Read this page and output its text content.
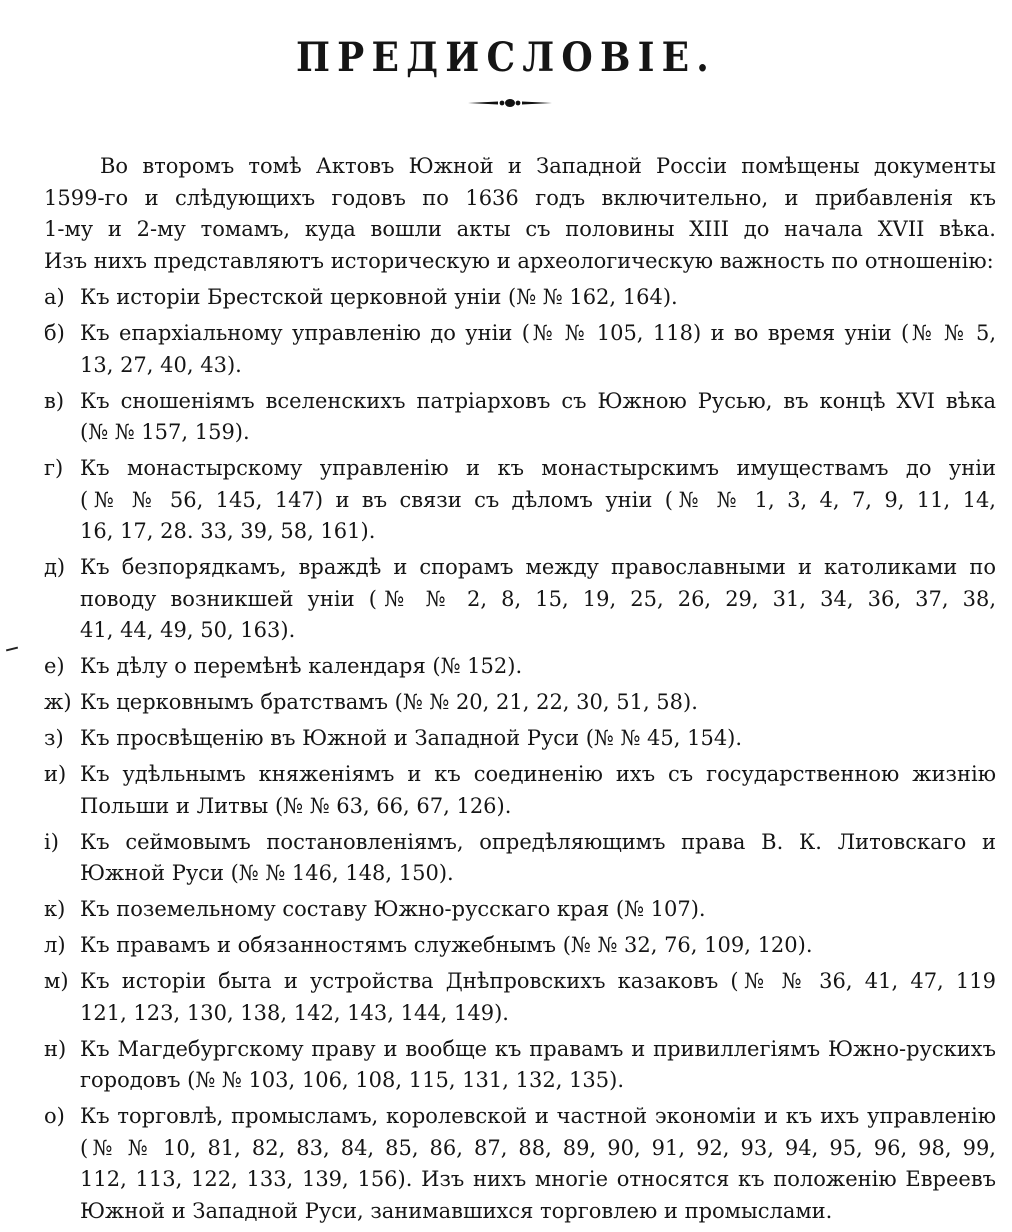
ПРЕДИСЛОВІЕ.
Во второмъ томѣ Актовъ Южной и Западной Россіи помѣщены документы
1599-го и слѣдующихъ годовъ по 1636 годъ включительно, и прибавленія къ
1-му и 2-му томамъ, куда вошли акты съ половины XIII до начала XVII вѣка.
Изъ нихъ представляютъ историческую и археологическую важность по отношенію:
а) Къ исторіи Брестской церковной уніи (№ № 162, 164).
б) Къ епархіальному управленію до уніи (№ № 105, 118) и во время уніи (№ № 5,
13, 27, 40, 43).
в) Къ сношеніямъ вселенскихъ патріарховъ съ Южною Русью, въ концѣ XVI вѣка
(№ № 157, 159).
г) Къ монастырскому управленію и къ монастырскимъ имуществамъ до уніи
(№ № 56, 145, 147) и въ связи съ дѣломъ уніи (№ № 1, 3, 4, 7, 9, 11, 14,
16, 17, 28. 33, 39, 58, 161).
д) Къ безпорядкамъ, враждѣ и спорамъ между православными и католиками по
поводу возникшей уніи (№ № 2, 8, 15, 19, 25, 26, 29, 31, 34, 36, 37, 38,
41, 44, 49, 50, 163).
е) Къ дѣлу о перемѣнѣ календаря (№ 152).
ж) Къ церковнымъ братствамъ (№ № 20, 21, 22, 30, 51, 58).
з) Къ просвѣщенію въ Южной и Западной Руси (№ № 45, 154).
и) Къ удѣльнымъ княженіямъ и къ соединенію ихъ съ государственною жизнію
Польши и Литвы (№ № 63, 66, 67, 126).
і)	Къ сеймовымъ постановленіямъ, опредѣляющимъ права В. К. Литовскаго и
Южной Руси (№ № 146, 148, 150).
к) Къ поземельному составу Южно-русскаго края (№ 107).
л) Къ правамъ и обязанностямъ служебнымъ (№ № 32, 76, 109, 120).
м) Къ исторіи быта и устройства Днѣпровскихъ казаковъ (№ № 36, 41, 47, 119
121, 123, 130, 138, 142, 143, 144, 149).
н) Къ Магдебургскому праву и вообще къ правамъ и привиллегіямъ Южно-рускихъ
городовъ (№ № 103, 106, 108, 115, 131, 132, 135).
о) Къ торговлѣ, промысламъ, королевской и частной экономіи и къ ихъ управленію
(№ № 10, 81, 82, 83, 84, 85, 86, 87, 88, 89, 90, 91, 92, 93, 94, 95, 96, 98, 99,
112, 113, 122, 133, 139, 156). Изъ нихъ многіе относятся къ положенію Евреевъ
Южной и Западной Руси, занимавшихся торговлею и промыслами.
